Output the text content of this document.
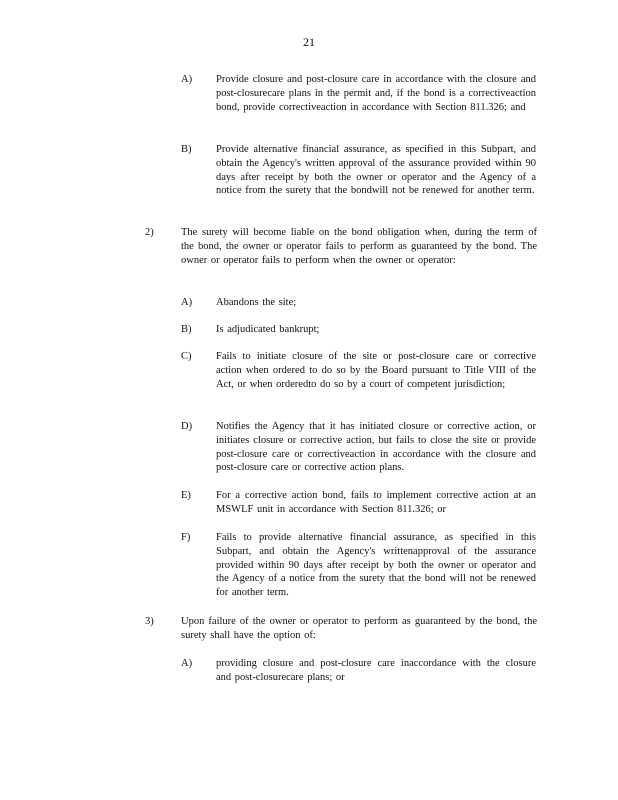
21
A) Provide closure and post-closure care in accordance with the closure and post-closurecare plans in the permit and, if the bond is a correctiveaction bond, provide correctiveaction in accordance with Section 811.326; and
B) Provide alternative financial assurance, as specified in this Subpart, and obtain the Agency's written approval of the assurance provided within 90 days after receipt by both the owner or operator and the Agency of a notice from the surety that the bondwill not be renewed for another term.
2)	The surety will become liable on the bond obligation when, during the term of the bond, the owner or operator fails to perform as guaranteed by the bond. The owner or operator fails to perform when the owner or operator:
A) Abandons the site;
B) Is adjudicated bankrupt;
C) Fails to initiate closure of the site or post-closure care or corrective action when ordered to do so by the Board pursuant to Title VIII of the Act, or when orderedto do so by a court of competent jurisdiction;
D) Notifies the Agency that it has initiated closure or corrective action, or initiates closure or corrective action, but fails to close the site or provide post-closure care or correctiveaction in accordance with the closure and post-closure care or corrective action plans.
E) For a corrective action bond, fails to implement corrective action at an MSWLF unit in accordance with Section 811.326; or
F) Fails to provide alternative financial assurance, as specified in this Subpart, and obtain the Agency's writtenapproval of the assurance provided within 90 days after receipt by both the owner or operator and the Agency of a notice from the surety that the bond will not be renewed for another term.
3)	Upon failure of the owner or operator to perform as guaranteed by the bond, the surety shall have the option of:
A) providing closure and post-closure care inaccordance with the closure and post-closurecare plans; or
